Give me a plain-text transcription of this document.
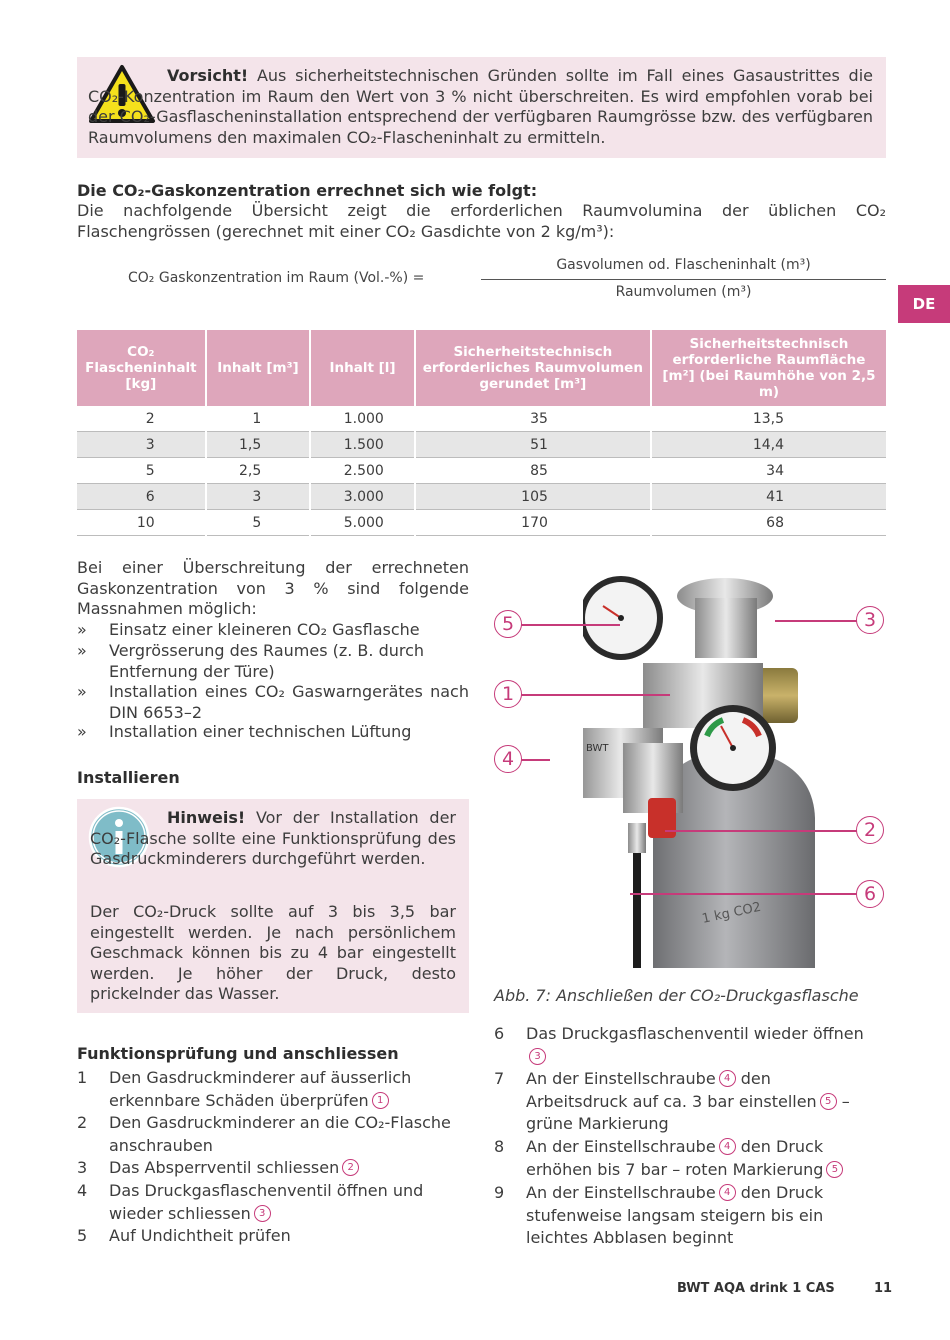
Vorsicht! Aus sicherheitstechnischen Gründen sollte im Fall eines Gasaustrittes die CO₂-Konzentration im Raum den Wert von 3 % nicht überschreiten. Es wird empfohlen vorab bei der CO₂-Gasflascheninstallation entsprechend der verfügbaren Raumgrösse bzw. des verfügbaren Raumvolumens den maximalen CO₂-Flascheninhalt zu ermitteln.
Die CO₂-Gaskonzentration errechnet sich wie folgt:
Die nachfolgende Übersicht zeigt die erforderlichen Raumvolumina der üblichen CO₂ Flaschengrössen (gerechnet mit einer CO₂ Gasdichte von 2 kg/m³):
CO₂ Gaskonzentration im Raum (Vol.-%) =
Gasvolumen od. Flascheninhalt (m³)
Raumvolumen (m³)
DE
CO₂ Flascheninhalt [kg]	Inhalt [m³]	Inhalt [l]	Sicherheitstechnisch erforderliches Raumvolumen gerundet [m³]	Sicherheitstechnisch erforderliche Raumfläche [m²] (bei Raumhöhe von 2,5 m)
2	1	1.000	35	13,5
3	1,5	1.500	51	14,4
5	2,5	2.500	85	34
6	3	3.000	105	41
10	5	5.000	170	68
Bei einer Überschreitung der errechneten Gaskonzentration von 3 % sind folgende Massnahmen möglich:
» Einsatz einer kleineren CO₂ Gasflasche
» Vergrösserung des Raumes (z. B. durch Entfernung der Türe)
» Installation eines CO₂ Gaswarngerätes nach DIN 6653–2
» Installation einer technischen Lüftung
Installieren
Hinweis! Vor der Installation der CO₂-Flasche sollte eine Funktionsprüfung des Gasdruckminderers durchgeführt werden.
Der CO₂-Druck sollte auf 3 bis 3,5 bar eingestellt werden. Je nach persönlichem Geschmack können bis zu 4 bar eingestellt werden. Je höher der Druck, desto prickelnder das Wasser.
Funktionsprüfung und anschliessen
1 Den Gasdruckminderer auf äusserlich erkennbare Schäden überprüfen 1
2 Den Gasdruckminderer an die CO₂-Flasche anschrauben
3 Das Absperrventil schliessen 2
4 Das Druckgasflaschenventil öffnen und wieder schliessen 3
5 Auf Undichtheit prüfen
1 kg CO2
BWT
5
1
4
3
2
6
Abb. 7: Anschließen der CO₂-Druckgasflasche
6 Das Druckgasflaschenventil wieder öffnen
3
7 An der Einstellschraube 4 den Arbeitsdruck auf ca. 3 bar einstellen 5 – grüne Markierung
8 An der Einstellschraube 4 den Druck erhöhen bis 7 bar – roten Markierung 5
9 An der Einstellschraube 4 den Druck stufenweise langsam steigern bis ein leichtes Abblasen beginnt
BWT AQA drink 1 CAS	11
